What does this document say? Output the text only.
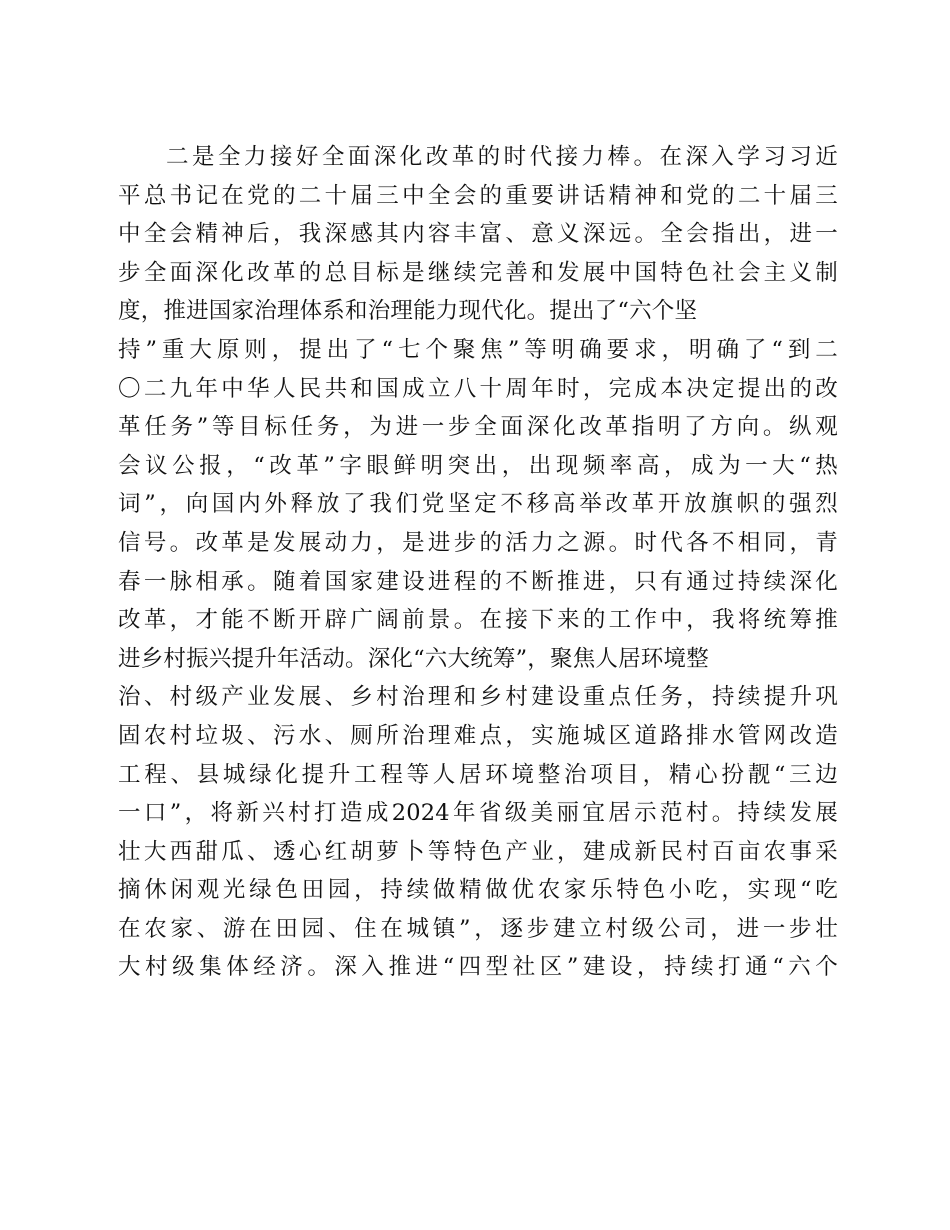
二是全力接好全面深化改革的时代接力棒。在深入学习习近
平总书记在党的二十届三中全会的重要讲话精神和党的二十届三
中全会精神后，我深感其内容丰富、意义深远。全会指出，进一
步全面深化改革的总目标是继续完善和发展中国特色社会主义制
度，推进国家治理体系和治理能力现代化。提出了“六个坚
持”重大原则，提出了“七个聚焦”等明确要求，明确了“到二
〇二九年中华人民共和国成立八十周年时，完成本决定提出的改
革任务”等目标任务，为进一步全面深化改革指明了方向。纵观
会议公报，“改革”字眼鲜明突出，出现频率高，成为一大“热
词”，向国内外释放了我们党坚定不移高举改革开放旗帜的强烈
信号。改革是发展动力，是进步的活力之源。时代各不相同，青
春一脉相承。随着国家建设进程的不断推进，只有通过持续深化
改革，才能不断开辟广阔前景。在接下来的工作中，我将统筹推
进乡村振兴提升年活动。深化“六大统筹”，聚焦人居环境整
治、村级产业发展、乡村治理和乡村建设重点任务，持续提升巩
固农村垃圾、污水、厕所治理难点，实施城区道路排水管网改造
工程、县城绿化提升工程等人居环境整治项目，精心扮靓“三边
一口”，将新兴村打造成2024年省级美丽宜居示范村。持续发展
壮大西甜瓜、透心红胡萝卜等特色产业，建成新民村百亩农事采
摘休闲观光绿色田园，持续做精做优农家乐特色小吃，实现“吃
在农家、游在田园、住在城镇”，逐步建立村级公司，进一步壮
大村级集体经济。深入推进“四型社区”建设，持续打通“六个
